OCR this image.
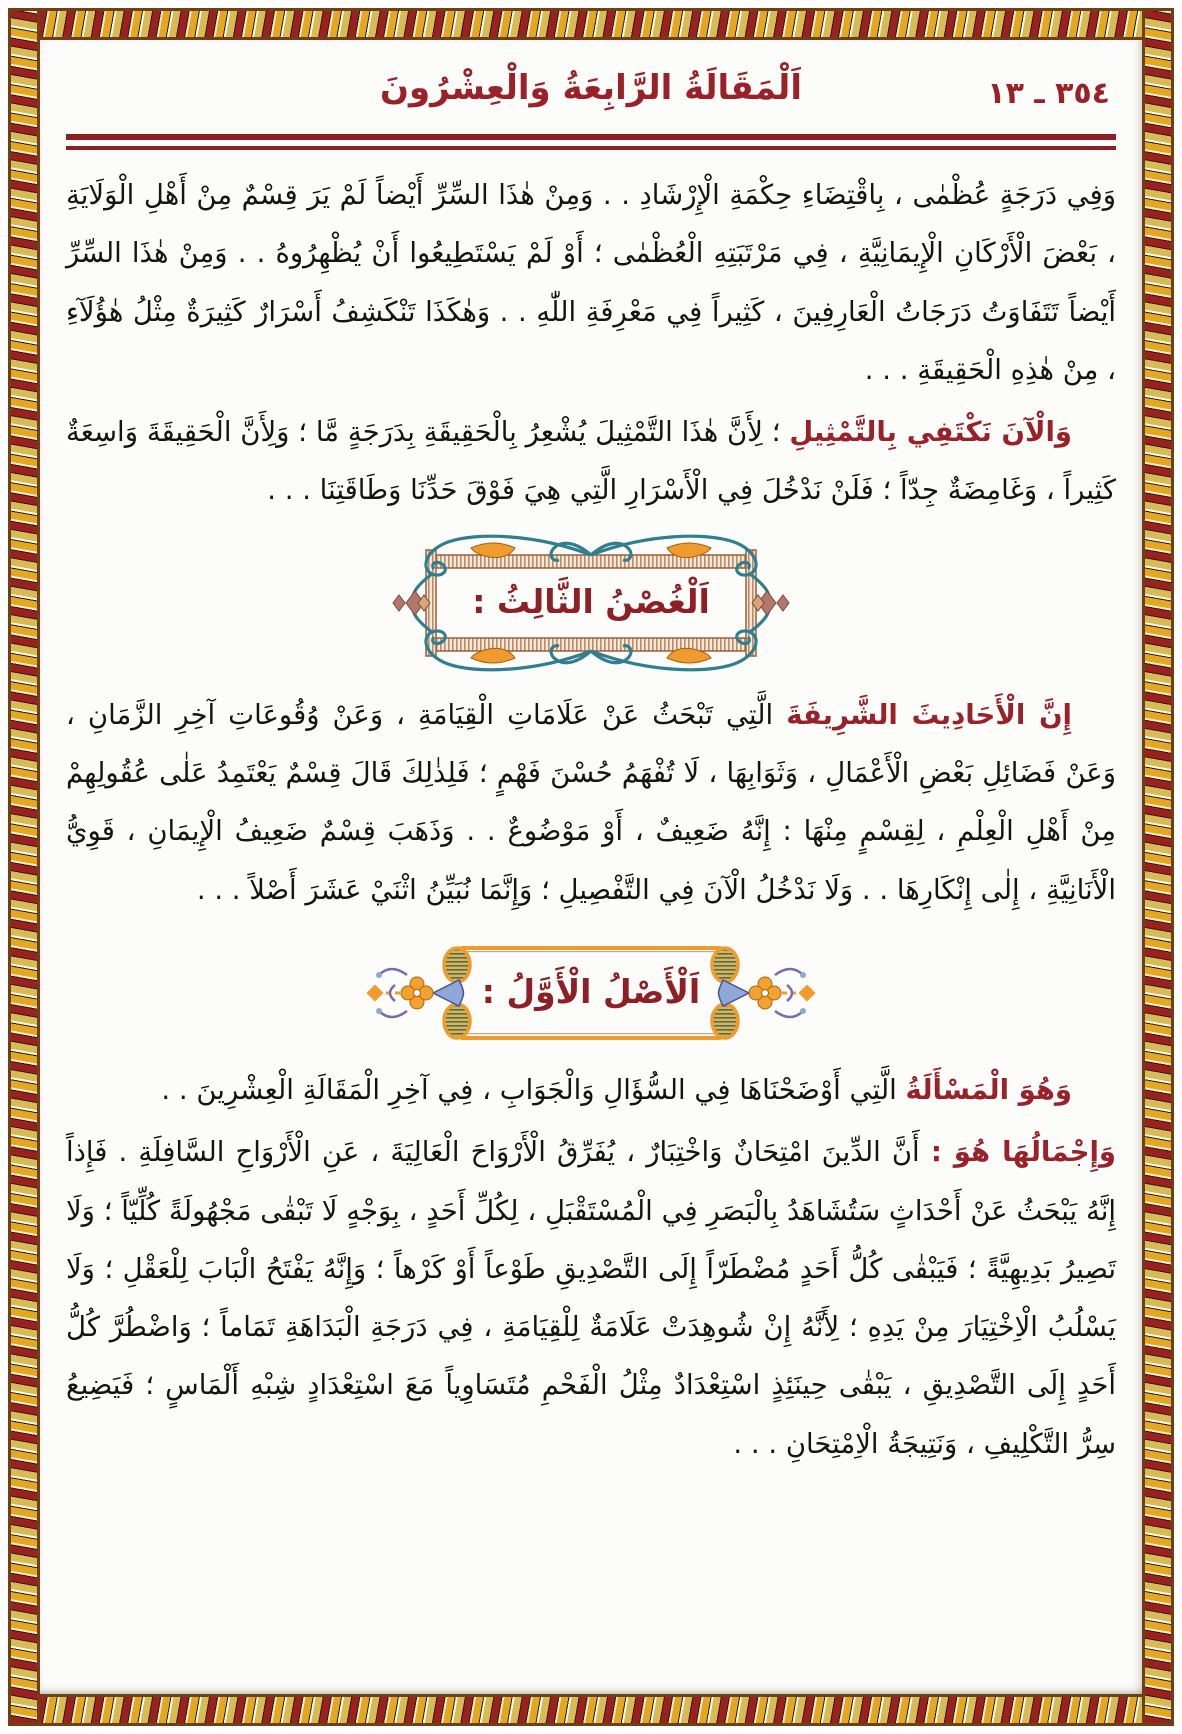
٣٥٤ ـ ١٣
اَلْمَقَالَةُ الرَّابِعَةُ وَالْعِشْرُونَ

وَفِي دَرَجَةٍ عُظْمٰى ، بِاقْتِضَاءِ حِكْمَةِ الْإِرْشَادِ . . وَمِنْ هٰذَا السِّرِّ أَيْضاً لَمْ يَرَ قِسْمٌ مِنْ أَهْلِ الْوَلَايَةِ ، بَعْضَ الْأَرْكَانِ الْإِيمَانِيَّةِ ، فِي مَرْتَبَتِهِ الْعُظْمٰى ؛ أَوْ لَمْ يَسْتَطِيعُوا أَنْ يُظْهِرُوهُ . . وَمِنْ هٰذَا السِّرِّ أَيْضاً تَتَفَاوَتُ دَرَجَاتُ الْعَارِفِينَ ، كَثِيراً فِي مَعْرِفَةِ اللّٰهِ . . وَهٰكَذَا تَنْكَشِفُ أَسْرَارٌ كَثِيرَةٌ مِثْلُ هٰؤُلَآءِ ، مِنْ هٰذِهِ الْحَقِيقَةِ . . .

وَالْآنَ نَكْتَفِي بِالتَّمْثِيلِ ؛ لِأَنَّ هٰذَا التَّمْثِيلَ يُشْعِرُ بِالْحَقِيقَةِ بِدَرَجَةٍ مَّا ؛ وَلِأَنَّ الْحَقِيقَةَ وَاسِعَةٌ كَثِيراً ، وَغَامِضَةٌ جِدّاً ؛ فَلَنْ نَدْخُلَ فِي الْأَسْرَارِ الَّتِي هِيَ فَوْقَ حَدِّنَا وَطَاقَتِنَا . . .

اَلْغُصْنُ الثَّالِثُ :

إِنَّ الْأَحَادِيثَ الشَّرِيفَةَ الَّتِي تَبْحَثُ عَنْ عَلَامَاتِ الْقِيَامَةِ ، وَعَنْ وُقُوعَاتِ آخِرِ الزَّمَانِ ، وَعَنْ فَضَائِلِ بَعْضِ الْأَعْمَالِ ، وَثَوَابِهَا ، لَا تُفْهَمُ حُسْنَ فَهْمٍ ؛ فَلِذٰلِكَ قَالَ قِسْمٌ يَعْتَمِدُ عَلٰى عُقُولِهِمْ مِنْ أَهْلِ الْعِلْمِ ، لِقِسْمٍ مِنْهَا : إِنَّهُ ضَعِيفٌ ، أَوْ مَوْضُوعٌ . . وَذَهَبَ قِسْمٌ ضَعِيفُ الْإِيمَانِ ، قَوِيُّ الْأَنَانِيَّةِ ، إِلٰى إِنْكَارِهَا . . وَلَا نَدْخُلُ الْآنَ فِي التَّفْصِيلِ ؛ وَإِنَّمَا نُبَيِّنُ اثْنَيْ عَشَرَ أَصْلاً . . .

اَلْأَصْلُ الْأَوَّلُ :

وَهُوَ الْمَسْأَلَةُ الَّتِي أَوْضَحْنَاهَا فِي السُّؤَالِ وَالْجَوَابِ ، فِي آخِرِ الْمَقَالَةِ الْعِشْرِينَ . .

وَإِجْمَالُهَا هُوَ : أَنَّ الدِّينَ امْتِحَانٌ وَاخْتِبَارٌ ، يُفَرِّقُ الْأَرْوَاحَ الْعَالِيَةَ ، عَنِ الْأَرْوَاحِ السَّافِلَةِ . فَإِذاً إِنَّهُ يَبْحَثُ عَنْ أَحْدَاثٍ سَتُشَاهَدُ بِالْبَصَرِ فِي الْمُسْتَقْبَلِ ، لِكُلِّ أَحَدٍ ، بِوَجْهٍ لَا تَبْقٰى مَجْهُولَةً كُلِّيّاً ؛ وَلَا تَصِيرُ بَدِيهِيَّةً ؛ فَيَبْقٰى كُلُّ أَحَدٍ مُضْطَرّاً إِلَى التَّصْدِيقِ طَوْعاً أَوْ كَرْهاً ؛ وَإِنَّهُ يَفْتَحُ الْبَابَ لِلْعَقْلِ ؛ وَلَا يَسْلُبُ الْاِخْتِيَارَ مِنْ يَدِهِ ؛ لِأَنَّهُ إِنْ شُوهِدَتْ عَلَامَةٌ لِلْقِيَامَةِ ، فِي دَرَجَةِ الْبَدَاهَةِ تَمَاماً ؛ وَاضْطُرَّ كُلُّ أَحَدٍ إِلَى التَّصْدِيقِ ، يَبْقٰى حِينَئِذٍ اسْتِعْدَادٌ مِثْلُ الْفَحْمِ مُتَسَاوِياً مَعَ اسْتِعْدَادٍ شِبْهِ أَلْمَاسٍ ؛ فَيَضِيعُ سِرُّ التَّكْلِيفِ ، وَنَتِيجَةُ الْاِمْتِحَانِ . . .
